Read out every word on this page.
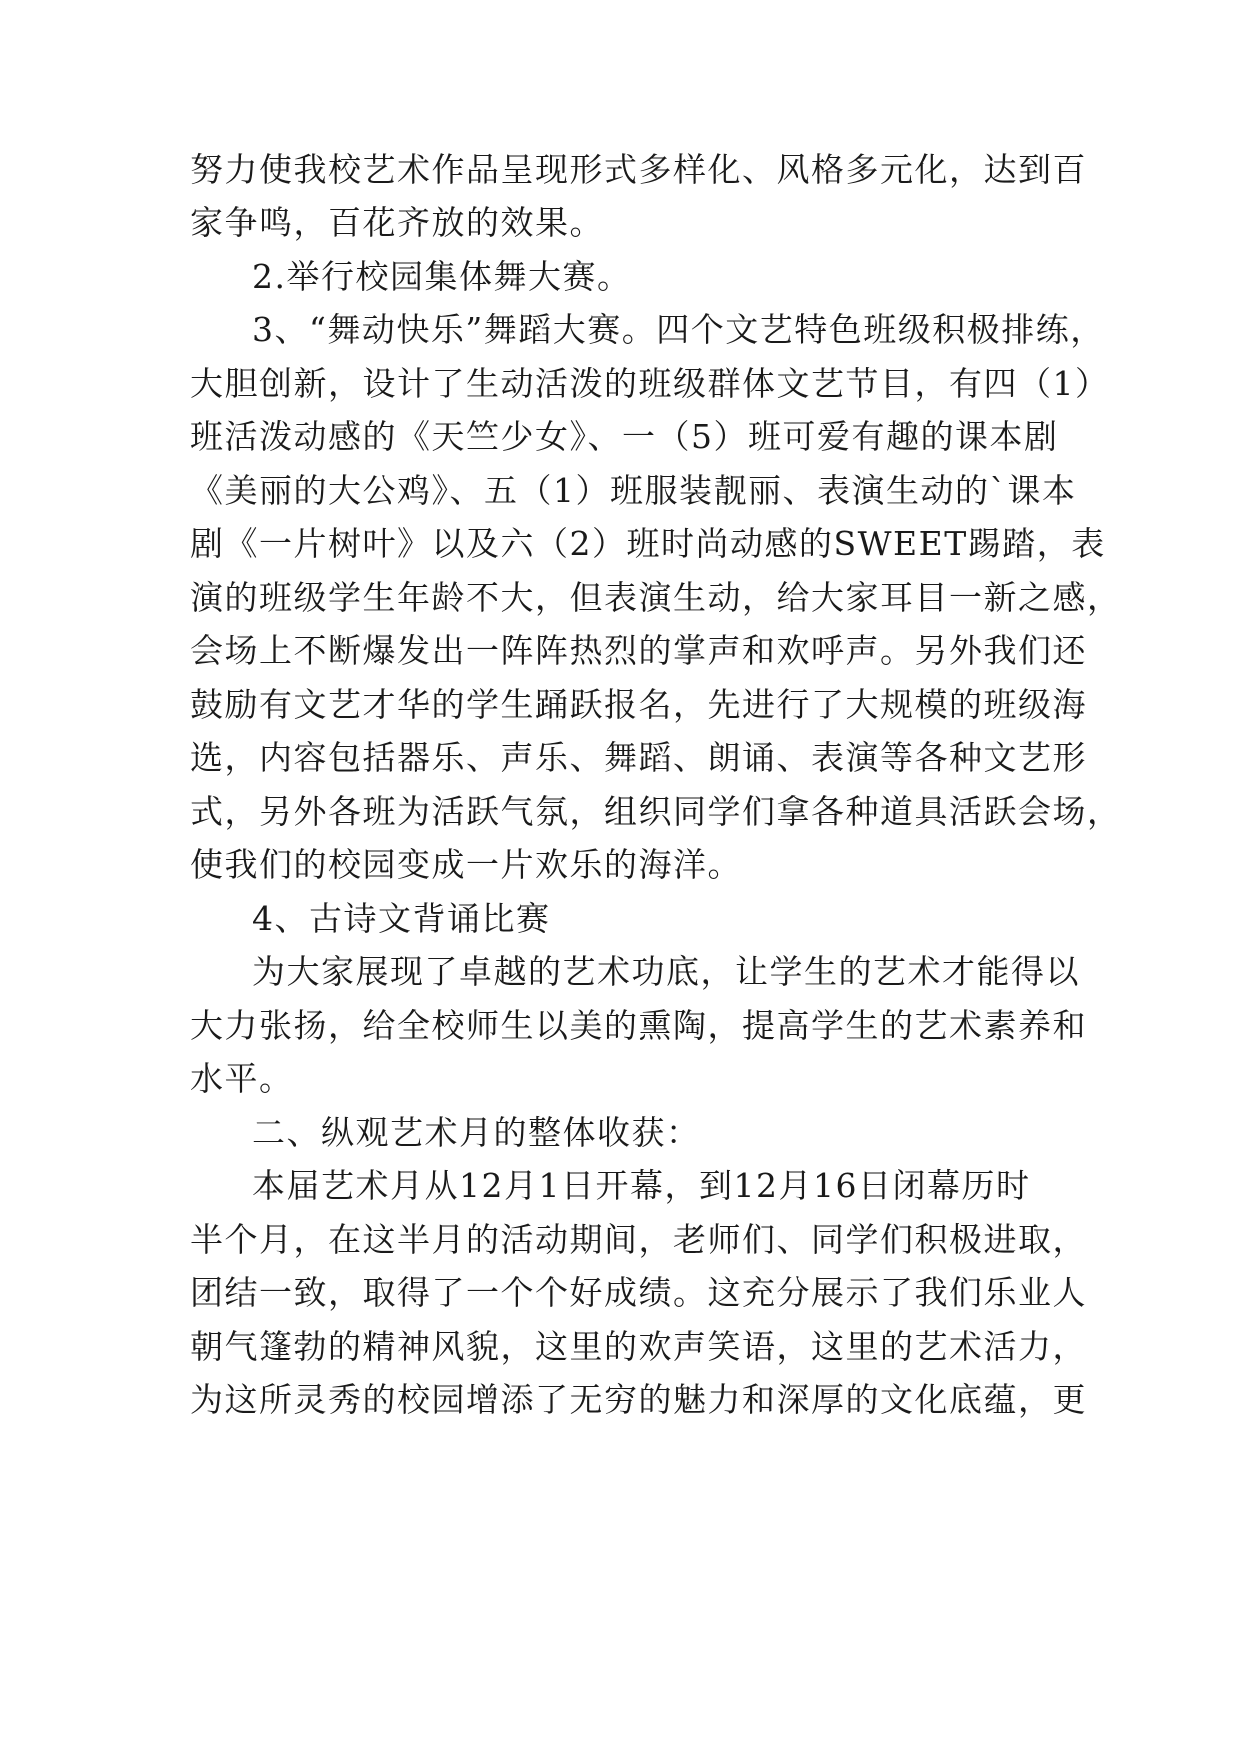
努力使我校艺术作品呈现形式多样化、风格多元化，达到百
家争鸣，百花齐放的效果。
2.举行校园集体舞大赛。
3、“舞动快乐”舞蹈大赛。四个文艺特色班级积极排练，
大胆创新，设计了生动活泼的班级群体文艺节目，有四（1）
班活泼动感的《天竺少女》、一（5）班可爱有趣的课本剧
《美丽的大公鸡》、五（1）班服装靓丽、表演生动的`课本
剧《一片树叶》以及六（2）班时尚动感的SWEET踢踏，表
演的班级学生年龄不大，但表演生动，给大家耳目一新之感，
会场上不断爆发出一阵阵热烈的掌声和欢呼声。另外我们还
鼓励有文艺才华的学生踊跃报名，先进行了大规模的班级海
选，内容包括器乐、声乐、舞蹈、朗诵、表演等各种文艺形
式，另外各班为活跃气氛，组织同学们拿各种道具活跃会场，
使我们的校园变成一片欢乐的海洋。
4、古诗文背诵比赛
为大家展现了卓越的艺术功底，让学生的艺术才能得以
大力张扬，给全校师生以美的熏陶，提高学生的艺术素养和
水平。
二、纵观艺术月的整体收获：
本届艺术月从12月1日开幕，到12月16日闭幕历时
半个月，在这半月的活动期间，老师们、同学们积极进取，
团结一致，取得了一个个好成绩。这充分展示了我们乐业人
朝气篷勃的精神风貌，这里的欢声笑语，这里的艺术活力，
为这所灵秀的校园增添了无穷的魅力和深厚的文化底蕴，更
